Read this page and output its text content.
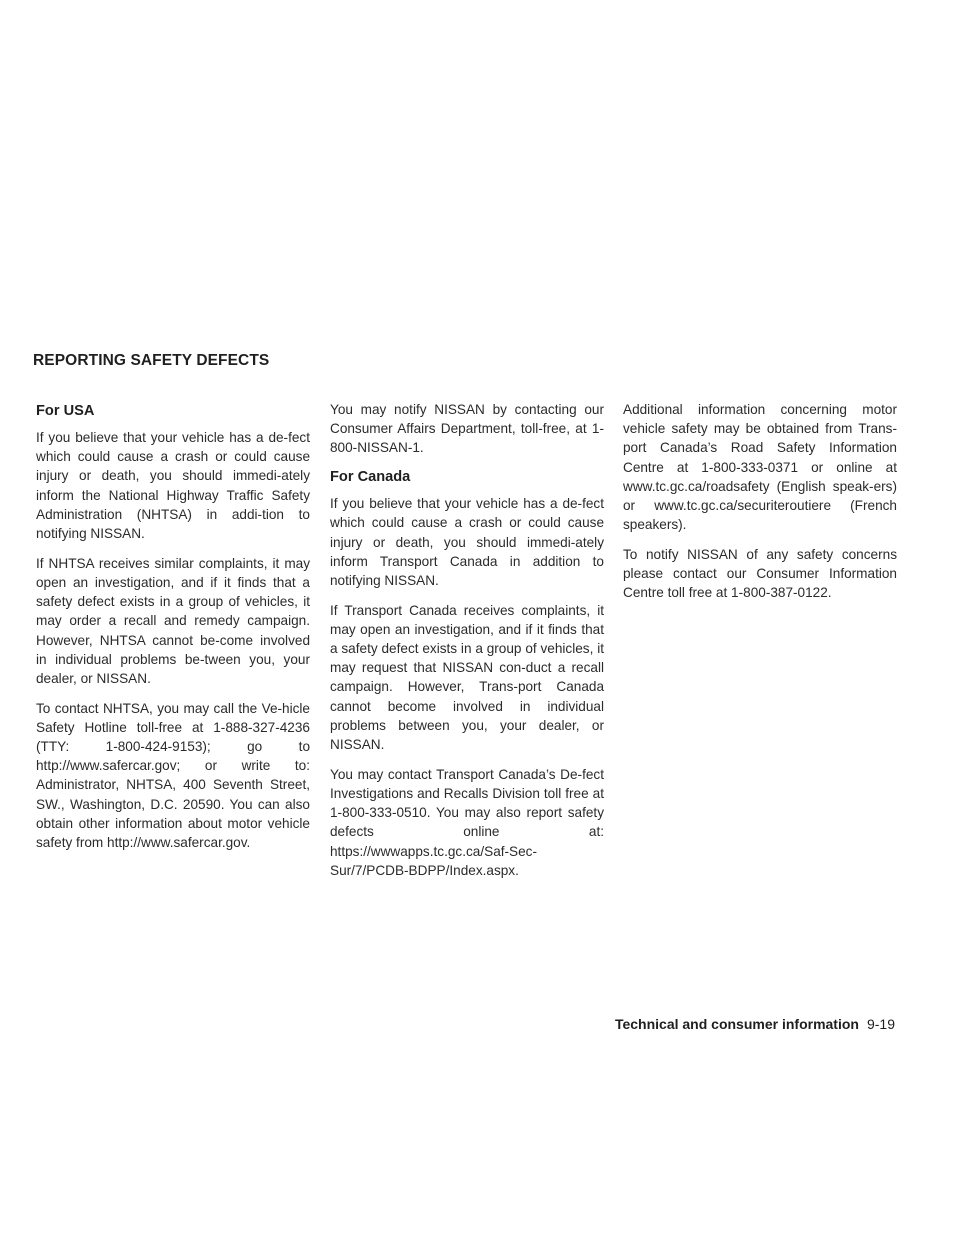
REPORTING SAFETY DEFECTS
For USA

If you believe that your vehicle has a de-fect which could cause a crash or could cause injury or death, you should immedi-ately inform the National Highway Traffic Safety Administration (NHTSA) in addi-tion to notifying NISSAN.

If NHTSA receives similar complaints, it may open an investigation, and if it finds that a safety defect exists in a group of vehicles, it may order a recall and remedy campaign. However, NHTSA cannot be-come involved in individual problems be-tween you, your dealer, or NISSAN.

To contact NHTSA, you may call the Ve-hicle Safety Hotline toll-free at 1-888-327-4236 (TTY: 1-800-424-9153); go to http://www.safercar.gov; or write to: Administrator, NHTSA, 400 Seventh Street, SW., Washington, D.C. 20590. You can also obtain other information about motor vehicle safety from http://www.safercar.gov.

You may notify NISSAN by contacting our Consumer Affairs Department, toll-free, at 1-800-NISSAN-1.

For Canada

If you believe that your vehicle has a de-fect which could cause a crash or could cause injury or death, you should immedi-ately inform Transport Canada in addition to notifying NISSAN.

If Transport Canada receives complaints, it may open an investigation, and if it finds that a safety defect exists in a group of vehicles, it may request that NISSAN con-duct a recall campaign. However, Trans-port Canada cannot become involved in individual problems between you, your dealer, or NISSAN.

You may contact Transport Canada’s De-fect Investigations and Recalls Division toll free at 1-800-333-0510. You may also report safety defects online at: https://wwwapps.tc.gc.ca/Saf-Sec-Sur/7/PCDB-BDPP/Index.aspx.

Additional information concerning motor vehicle safety may be obtained from Trans-port Canada’s Road Safety Information Centre at 1-800-333-0371 or online at www.tc.gc.ca/roadsafety (English speak-ers) or www.tc.gc.ca/securiteroutiere (French speakers).

To notify NISSAN of any safety concerns please contact our Consumer Information Centre toll free at 1-800-387-0122.

Technical and consumer information 9-19
